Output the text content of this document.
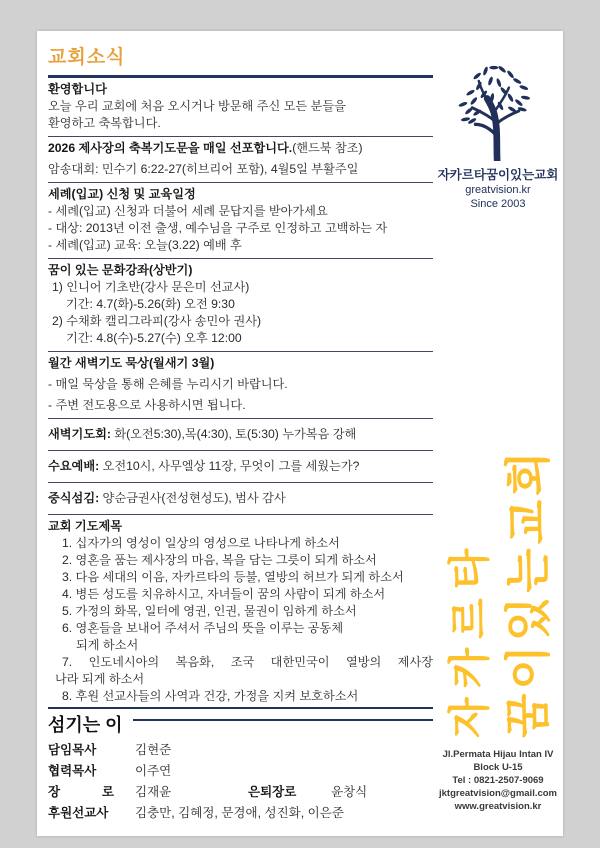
교회소식
환영합니다
오늘 우리 교회에 처음 오시거나 방문해 주신 모든 분들을
환영하고 축복합니다.
2026 제사장의 축복기도문을 매일 선포합니다.(핸드북 참조)
암송대회: 민수기 6:22-27(히브리어 포함), 4월5일 부활주일
세례(입교) 신청 및 교육일정
- 세례(입교) 신청과 더불어 세례 문답지를 받아가세요
- 대상: 2013년 이전 출생, 예수님을 구주로 인정하고 고백하는 자
- 세례(입교) 교육: 오늘(3.22) 예배 후
꿈이 있는 문화강좌(상반기)
1) 인니어 기초반(강사 문은미 선교사)
기간: 4.7(화)-5.26(화) 오전 9:30
2) 수채화 캘리그라피(강사 송민아 권사)
기간: 4.8(수)-5.27(수) 오후 12:00
월간 새벽기도 묵상(월새기 3월)
- 매일 묵상을 통해 은혜를 누리시기 바랍니다.
- 주변 전도용으로 사용하시면 됩니다.
새벽기도회: 화(오전5:30),목(4:30), 토(5:30) 누가복음 강해
수요예배: 오전10시, 사무엘상 11장, 무엇이 그를 세웠는가?
중식섬김: 양순금권사(전성현성도), 범사 감사
교회 기도제목
1. 십자가의 영성이 일상의 영성으로 나타나게 하소서
2. 영혼을 품는 제사장의 마음, 복을 담는 그릇이 되게 하소서
3. 다음 세대의 이음, 자카르타의 등불, 열방의 허브가 되게 하소서
4. 병든 성도를 치유하시고, 자녀들이 꿈의 사람이 되게 하소서
5. 가정의 화목, 일터에 영권, 인권, 물권이 임하게 하소서
6. 영혼들을 보내어 주셔서 주님의 뜻을 이루는 공동체
되게 하소서
7. 인도네시아의 복음화, 조국 대한민국이 열방의 제사장
나라 되게 하소서
8. 후원 선교사들의 사역과 건강, 가정을 지켜 보호하소서
섬기는 이
담임목사	김현준
협력목사	이주연
장 로	김재윤	은퇴장로	윤창식
후원선교사	김충만, 김혜정, 문경애, 성진화, 이은준
자카르타꿈이있는교회
greatvision.kr
Since 2003
자카르타 꿈이있는교회
Jl.Permata Hijau Intan IV
Block U-15
Tel : 0821-2507-9069
jktgreatvision@gmail.com
www.greatvision.kr
